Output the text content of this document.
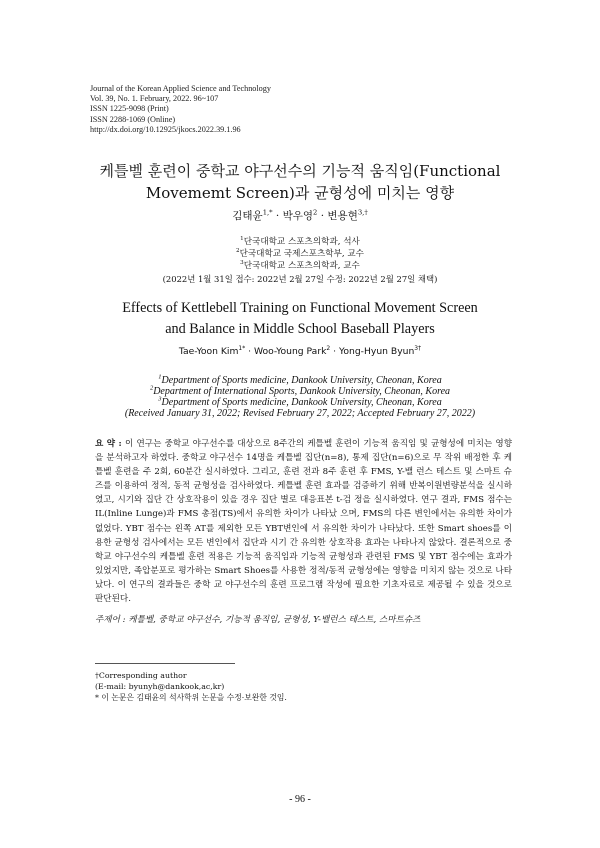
Journal of the Korean Applied Science and Technology
Vol. 39, No. 1. February, 2022. 96~107
ISSN 1225-9098 (Print)
ISSN 2288-1069 (Online)
http://dx.doi.org/10.12925/jkocs.2022.39.1.96
케틀벨 훈련이 중학교 야구선수의 기능적 움직임(Functional
Movememt Screen)과 균형성에 미치는 영향
김태윤$^{1,*}$ · 박우영$^2$ · 변용현$^{3,\dagger}$
$^1$단국대학교 스포츠의학과, 석사
$^2$단국대학교 국제스포츠학부, 교수
$^3$단국대학교 스포츠의학과, 교수
(2022년 1월 31일 접수: 2022년 2월 27일 수정: 2022년 2월 27일 채택)
Effects of Kettlebell Training on Functional Movement Screen
and Balance in Middle School Baseball Players
Tae-Yoon Kim$^{1*}$ · Woo-Young Park$^2$ · Yong-Hyun Byun$^{3\dagger}$
$^1$Department of Sports medicine, Dankook University, Cheonan, Korea
$^2$Department of International Sports, Dankook University, Cheonan, Korea
$^3$Department of Sports medicine, Dankook University, Cheonan, Korea
(Received January 31, 2022; Revised February 27, 2022; Accepted February 27, 2022)
요 약 : 이 연구는 중학교 야구선수를 대상으로 8주간의 케틀벨 훈련이 기능적 움직임 및 균형성에 미치는 영향을 분석하고자 하였다. 중학교 야구선수 14명을 케틀벨 집단(n=8), 통제 집단(n=6)으로 무 작위 배정한 후 케틀벨 훈련을 주 2회, 60분간 실시하였다. 그리고, 훈련 전과 8주 훈련 후 FMS, Y-밸 런스 테스트 및 스마트 슈즈를 이용하여 정적, 동적 균형성을 검사하였다. 케틀벨 훈련 효과를 검증하기 위해 반복이원변량분석을 실시하였고, 시기와 집단 간 상호작용이 있을 경우 집단 별로 대응표본 t-검 정을 실시하였다. 연구 결과, FMS 점수는 IL(Inline Lunge)과 FMS 총점(TS)에서 유의한 차이가 나타났 으며, FMS의 다른 변인에서는 유의한 차이가 없었다. YBT 점수는 왼쪽 AT를 제외한 모든 YBT변인에 서 유의한 차이가 나타났다. 또한 Smart shoes를 이용한 균형성 검사에서는 모든 변인에서 집단과 시기 간 유의한 상호작용 효과는 나타나지 않았다. 결론적으로 중학교 야구선수의 케틀벨 훈련 적용은 기능적 움직임과 기능적 균형성과 관련된 FMS 및 YBT 점수에는 효과가 있었지만, 족압분포로 평가하는 Smart Shoes를 사용한 정적/동적 균형성에는 영향을 미치지 않는 것으로 나타났다. 이 연구의 결과들은 중학 교 야구선수의 훈련 프로그램 작성에 필요한 기초자료로 제공될 수 있을 것으로 판단된다.
주제어 : 케틀벨, 중학교 야구선수, 기능적 움직임, 균형성, Y-밸런스 테스트, 스마트슈즈
†Corresponding author
(E-mail: byunyh@dankook,ac,kr)
* 이 논문은 김태윤의 석사학위 논문을 수정·보완한 것임.
- 96 -
